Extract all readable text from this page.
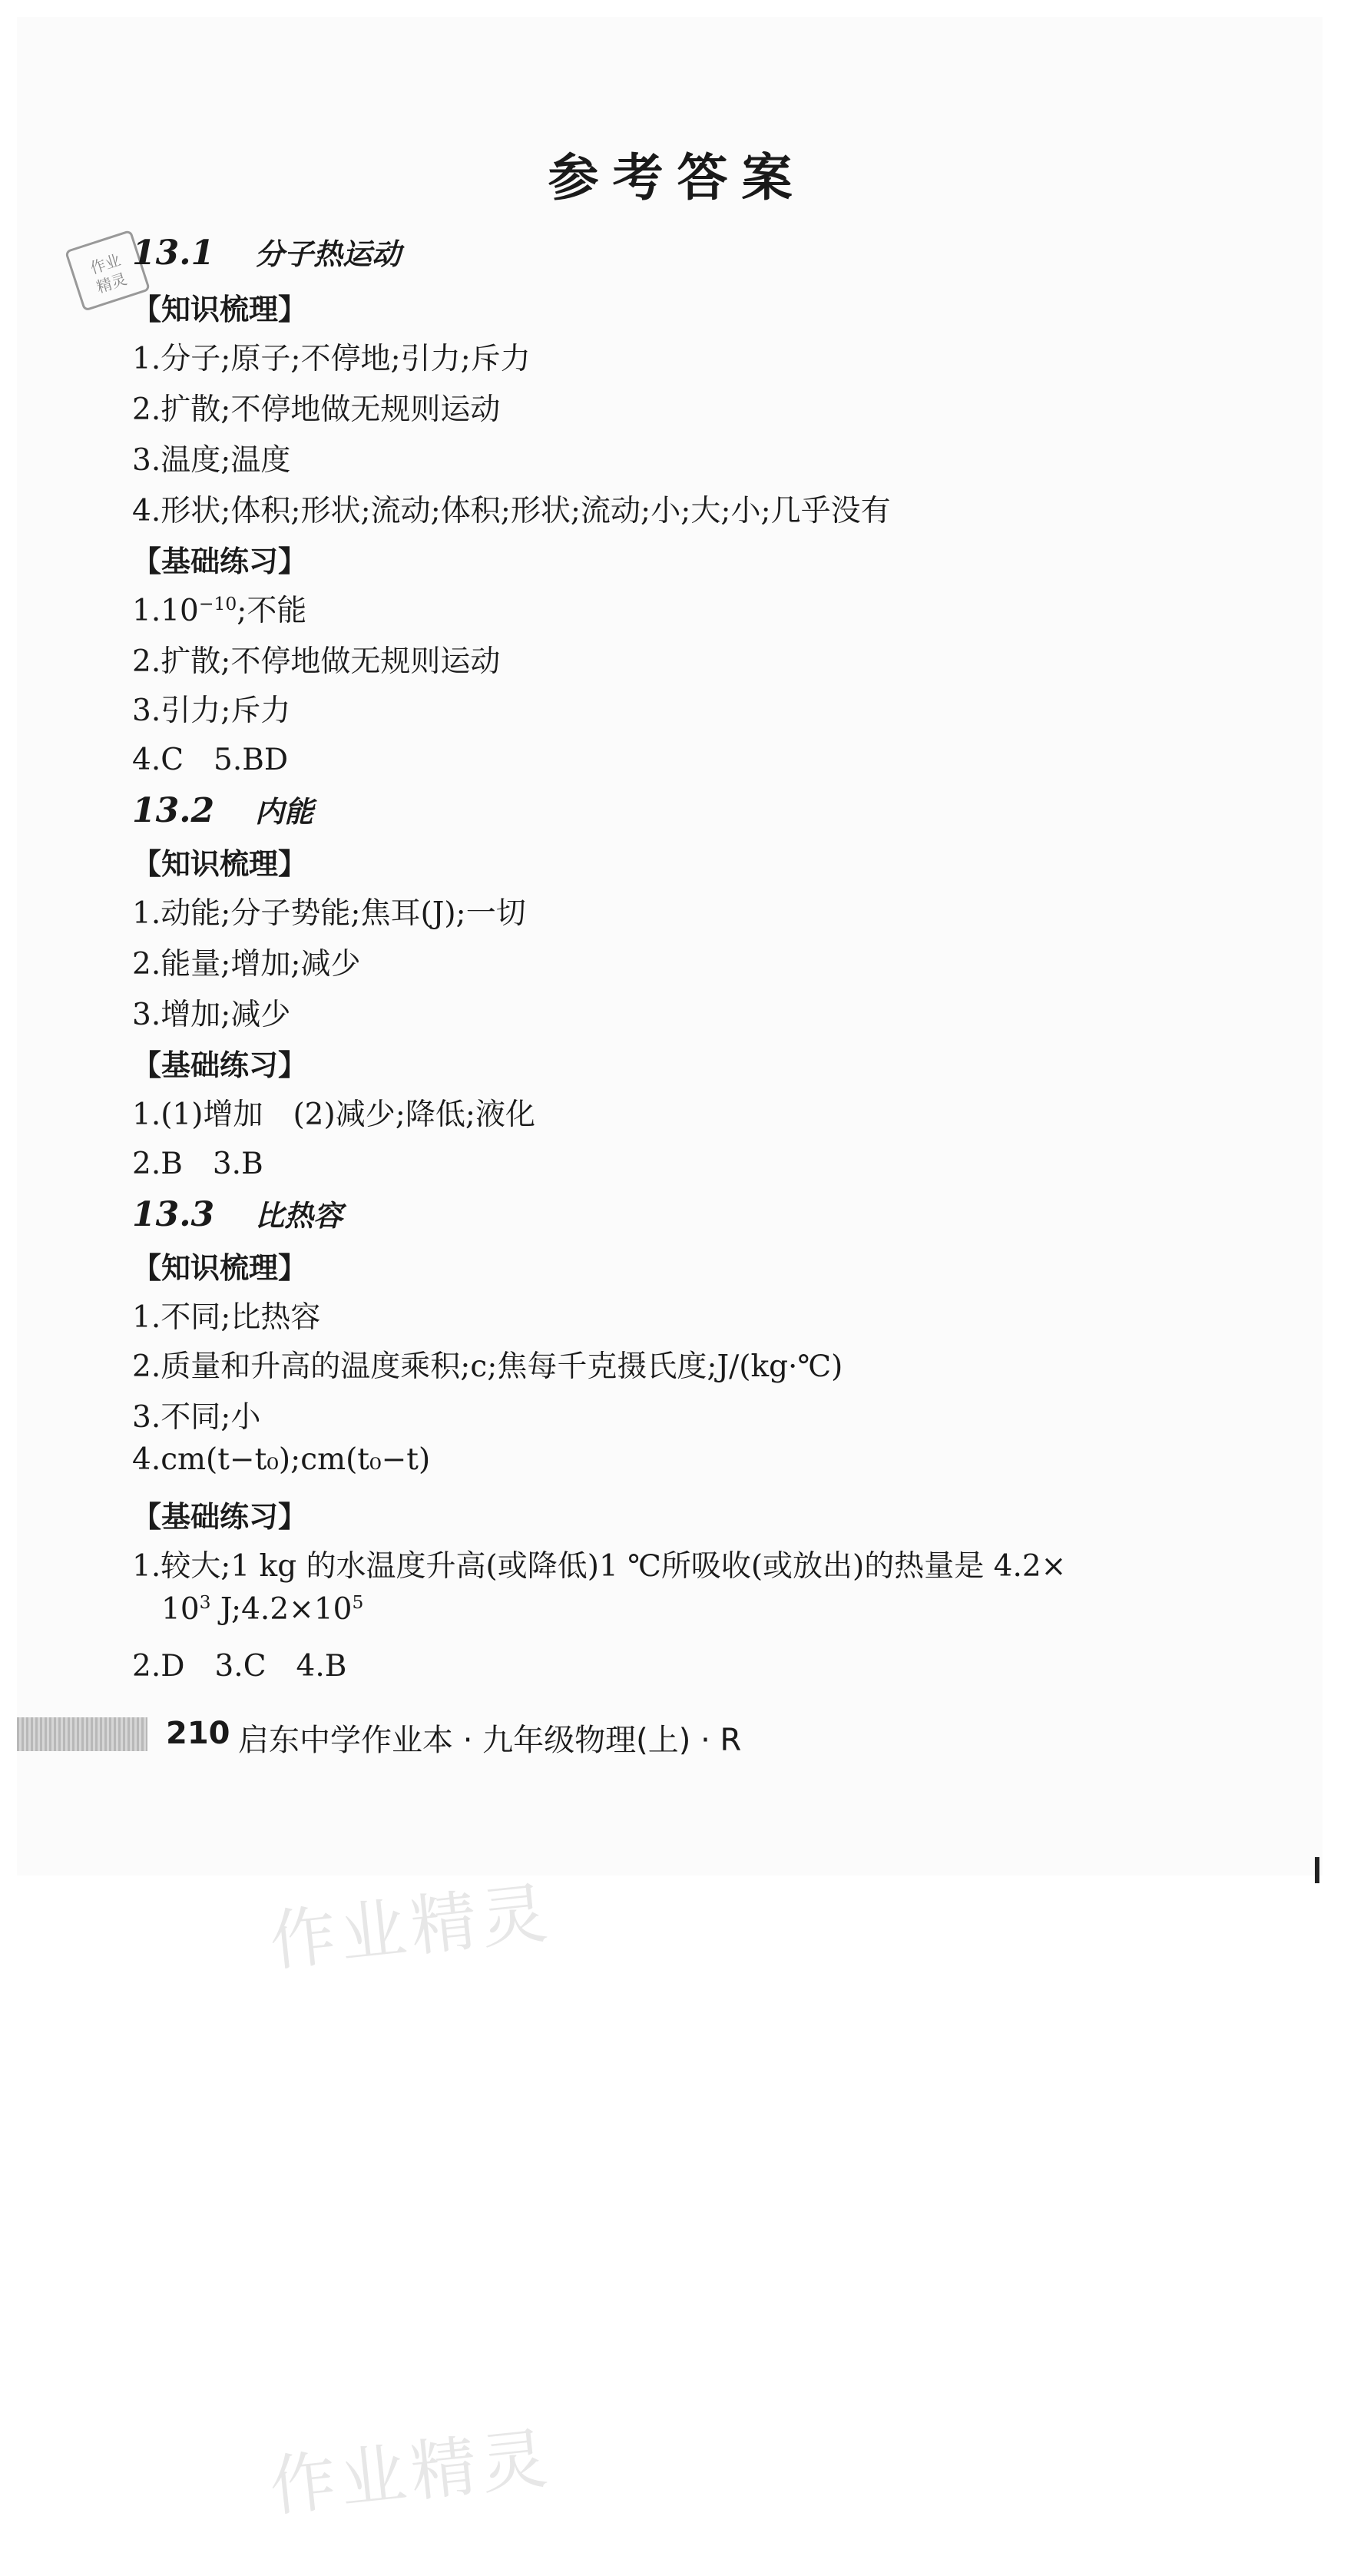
作业
精灵
参考答案
13.1 分子热运动
【知识梳理】
1.分子;原子;不停地;引力;斥力
2.扩散;不停地做无规则运动
3.温度;温度
4.形状;体积;形状;流动;体积;形状;流动;小;大;小;几乎没有
【基础练习】
$1.10^{-10}$;不能
2.扩散;不停地做无规则运动
3.引力;斥力
4.C　5.BD
13.2 内能
【知识梳理】
1.动能;分子势能;焦耳(J);一切
2.能量;增加;减少
3.增加;减少
【基础练习】
1.(1)增加　(2)减少;降低;液化
2.B　3.B
13.3 比热容
【知识梳理】
1.不同;比热容
2.质量和升高的温度乘积;c;焦每千克摄氏度;J/(kg·℃)
3.不同;小
4.cm(t−t₀);cm(t₀−t)
【基础练习】
1.较大;1 kg 的水温度升高(或降低)1 ℃所吸收(或放出)的热量是 4.2×
$10^3$ $J;4.2\times 10^5$
2.D　3.C　4.B
210 启东中学作业本 · 九年级物理(上) · R
作业精灵
作业精灵
